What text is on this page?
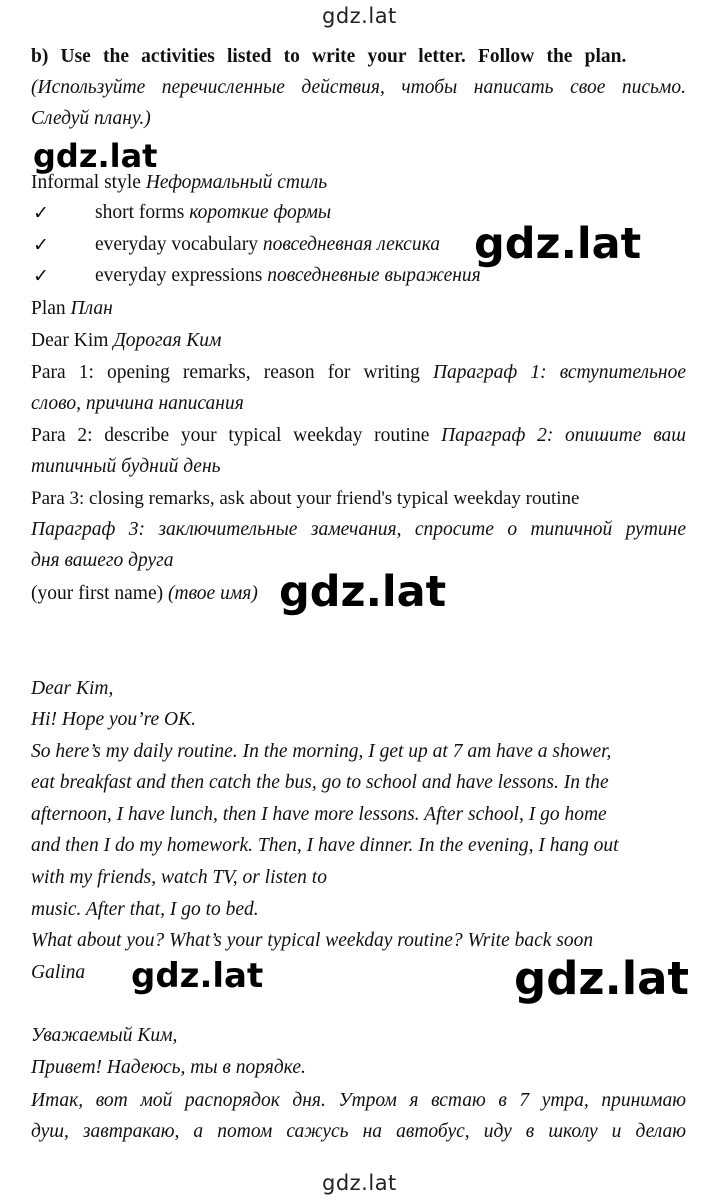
gdz.lat
b) Use the activities listed to write your letter. Follow the plan.
(Используйте перечисленные действия, чтобы написать свое письмо.
Следуй плану.)
gdz.lat
Informal style Неформальный стиль
✓ short forms короткие формы
✓ everyday vocabulary повседневная лексика
✓ everyday expressions повседневные выражения
gdz.lat
Plan План
Dear Kim Дорогая Ким
Para 1: opening remarks, reason for writing Параграф 1: вступительное
слово, причина написания
Para 2: describe your typical weekday routine Параграф 2: опишите ваш
типичный будний день
Para 3: closing remarks, ask about your friend's typical weekday routine
Параграф 3: заключительные замечания, спросите о типичной рутине
дня вашего друга
(your first name) (твое имя) gdz.lat
Dear Kim,
Hi! Hope you’re OK.
So here’s my daily routine. In the morning, I get up at 7 am have a shower,
eat breakfast and then catch the bus, go to school and have lessons. In the
afternoon, I have lunch, then I have more lessons. After school, I go home
and then I do my homework. Then, I have dinner. In the evening, I hang out
with my friends, watch TV, or listen to
music. After that, I go to bed.
What about you? What’s your typical weekday routine? Write back soon
Galina gdz.lat	gdz.lat
Уважаемый Ким,
Привет! Надеюсь, ты в порядке.
Итак, вот мой распорядок дня. Утром я встаю в 7 утра, принимаю
душ, завтракаю, а потом сажусь на автобус, иду в школу и делаю
gdz.lat
